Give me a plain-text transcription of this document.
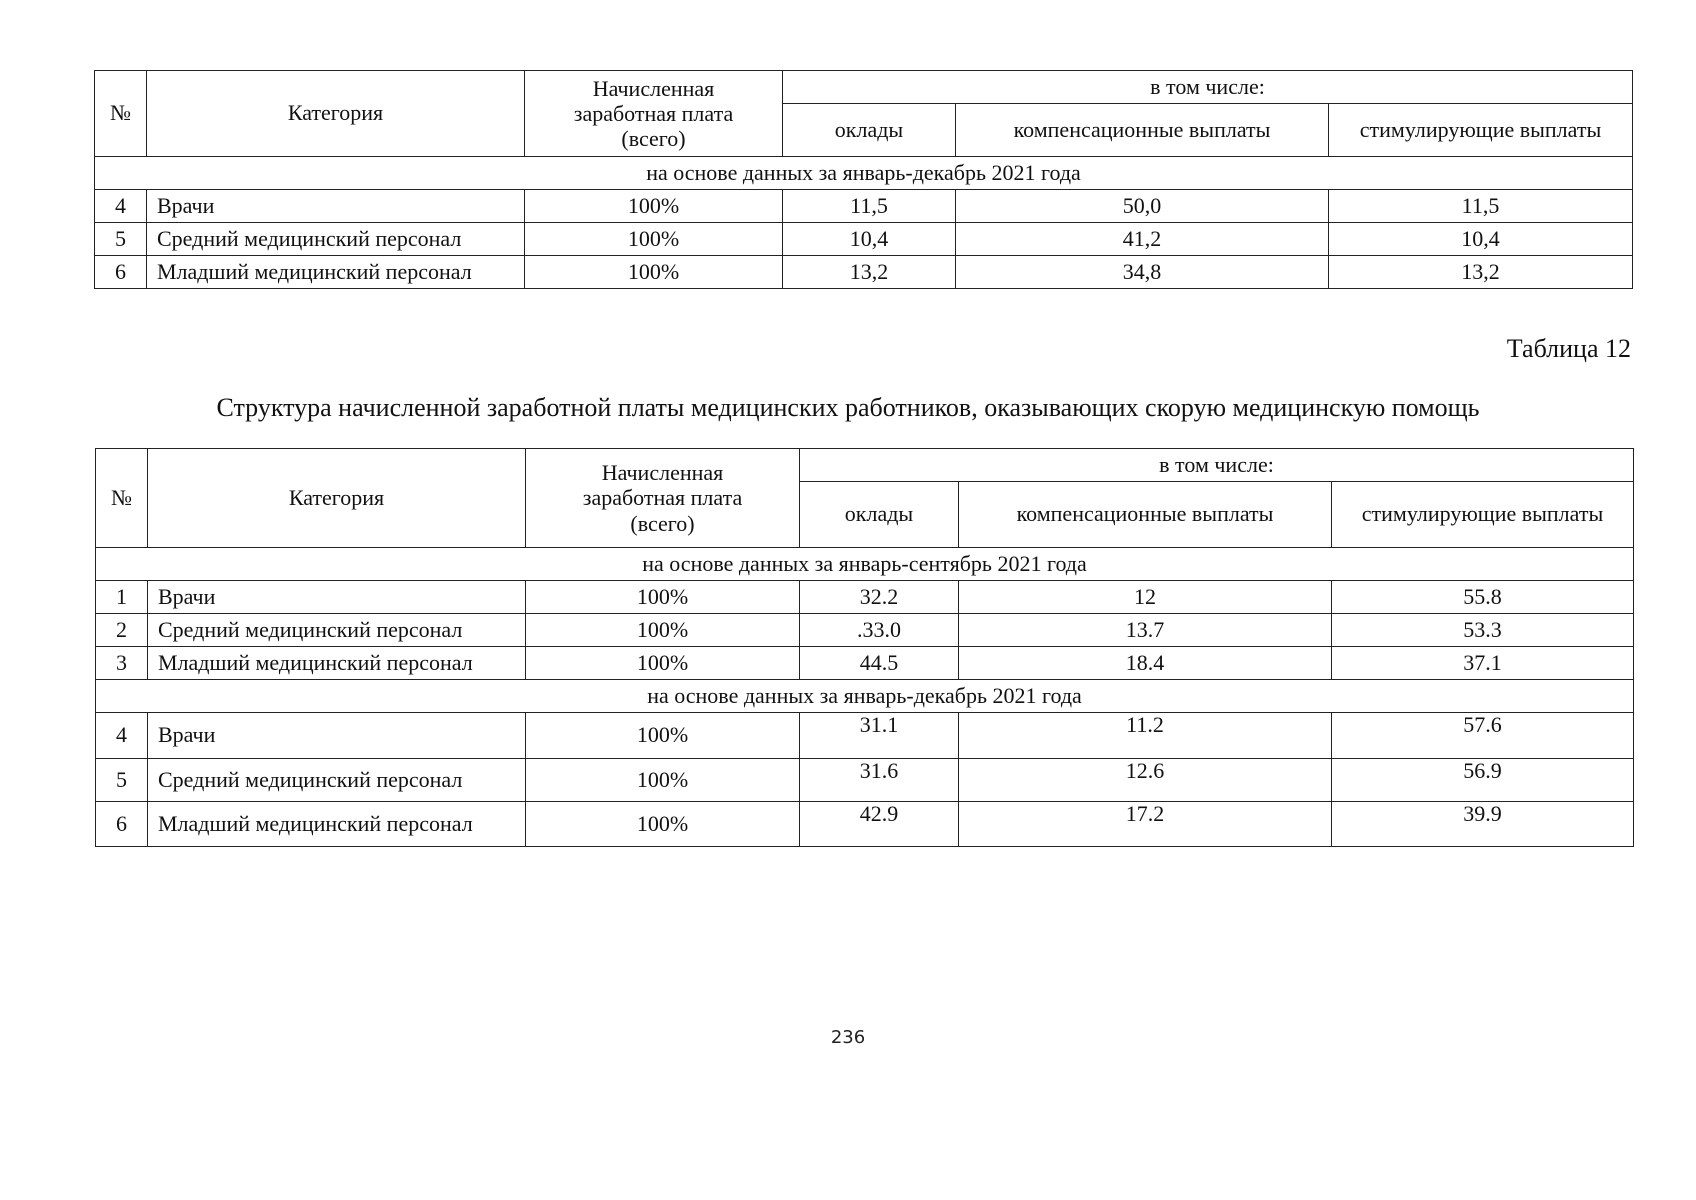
№	Категория	Начисленная
заработная плата
(всего)	в том числе:		
			оклады	компенсационные выплаты	стимулирующие выплаты
на основе данных за январь-декабрь 2021 года					
4	Врачи	100%	11,5	50,0	11,5
5	Средний медицинский персонал	100%	10,4	41,2	10,4
6	Младший медицинский персонал	100%	13,2	34,8	13,2
Таблица 12
Структура начисленной заработной платы медицинских работников, оказывающих скорую медицинскую помощь
№	Категория	Начисленная
заработная плата
(всего)	в том числе:		
			оклады	компенсационные выплаты	стимулирующие выплаты
на основе данных за январь-сентябрь 2021 года					
1	Врачи	100%	32.2	12	55.8
2	Средний медицинский персонал	100%	.33.0	13.7	53.3
3	Младший медицинский персонал	100%	44.5	18.4	37.1
на основе данных за январь-декабрь 2021 года					
4	Врачи	100%	31.1	11.2	57.6
5	Средний медицинский персонал	100%	31.6	12.6	56.9
6	Младший медицинский персонал	100%	42.9	17.2	39.9
236
